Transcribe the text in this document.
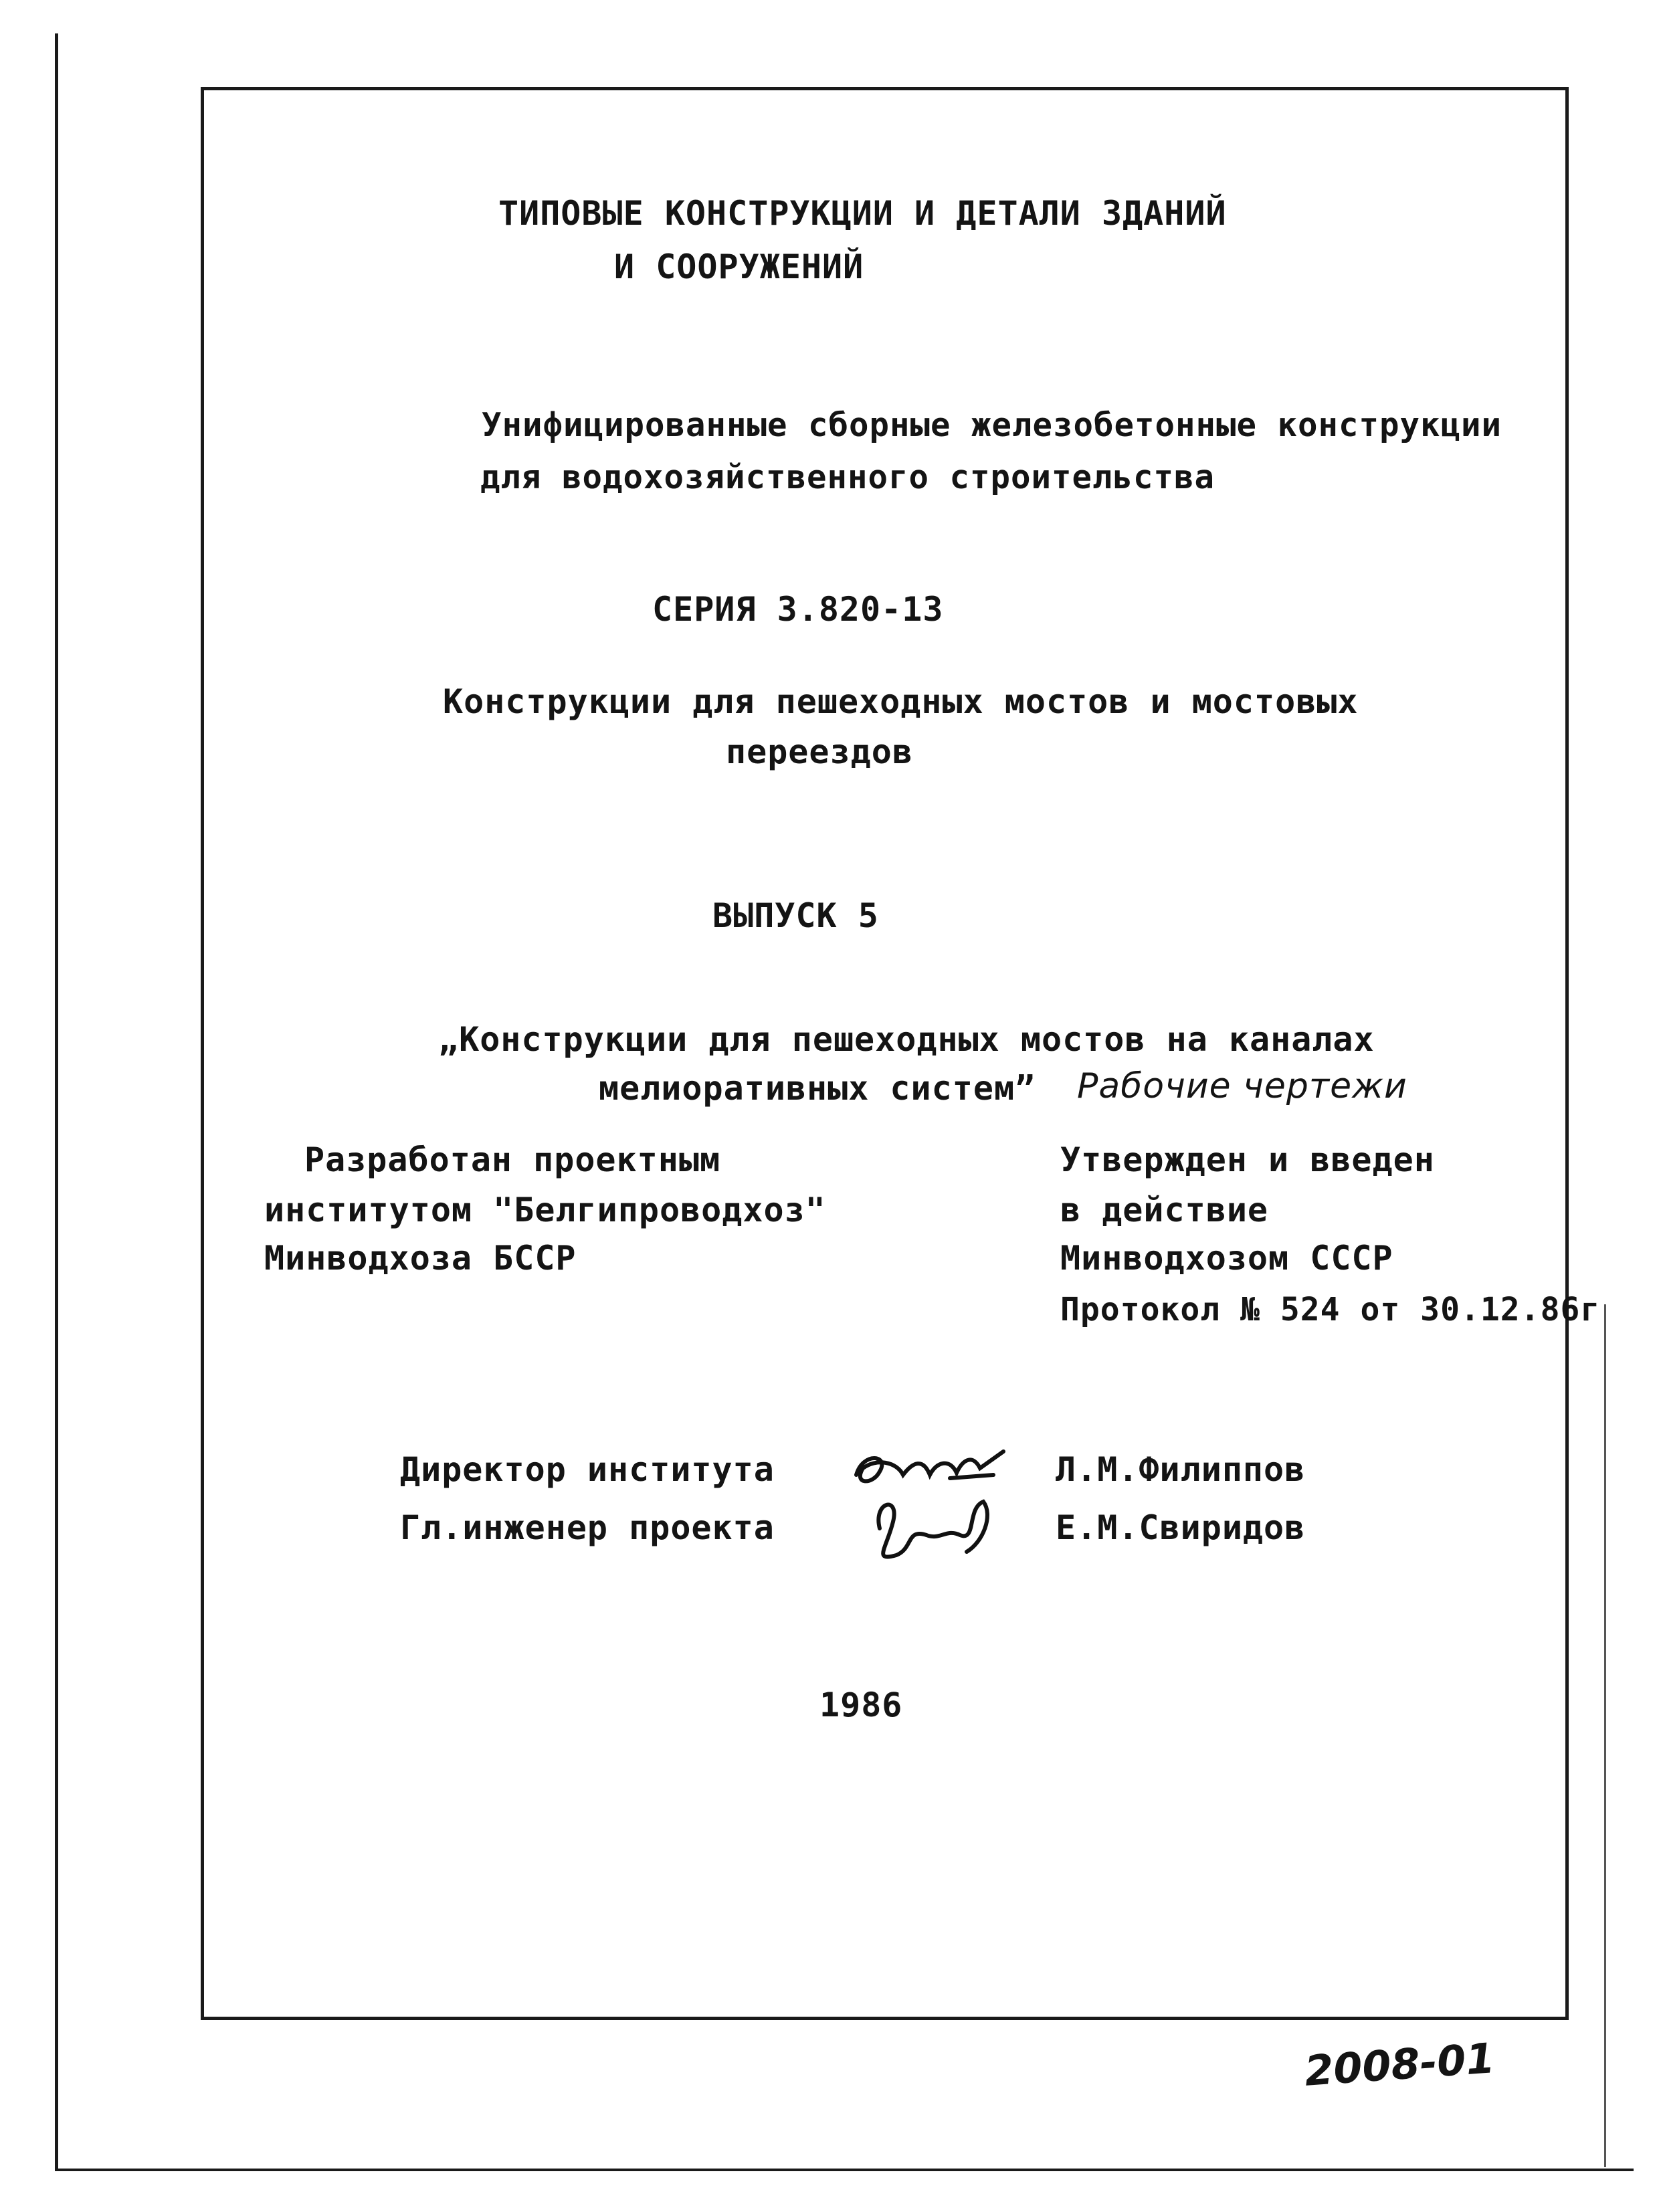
ТИПОВЫЕ КОНСТРУКЦИИ И ДЕТАЛИ ЗДАНИЙ
И СООРУЖЕНИЙ
Унифицированные сборные железобетонные конструкции
для водохозяйственного строительства
СЕРИЯ 3.820-13
Конструкции для пешеходных мостов и мостовых
переездов
ВЫПУСК 5
„Конструкции для пешеходных мостов на каналах
мелиоративных систем” Рабочие чертежи
Разработан проектным
институтом "Белгипроводхоз"
Минводхоза БССР
Утвержден и введен
в действие
Минводхозом СССР
Протокол № 524 от 30.12.86г
Директор института	Л.М.Филиппов
Гл.инженер проекта	Е.М.Свиридов
1986
2008-01
